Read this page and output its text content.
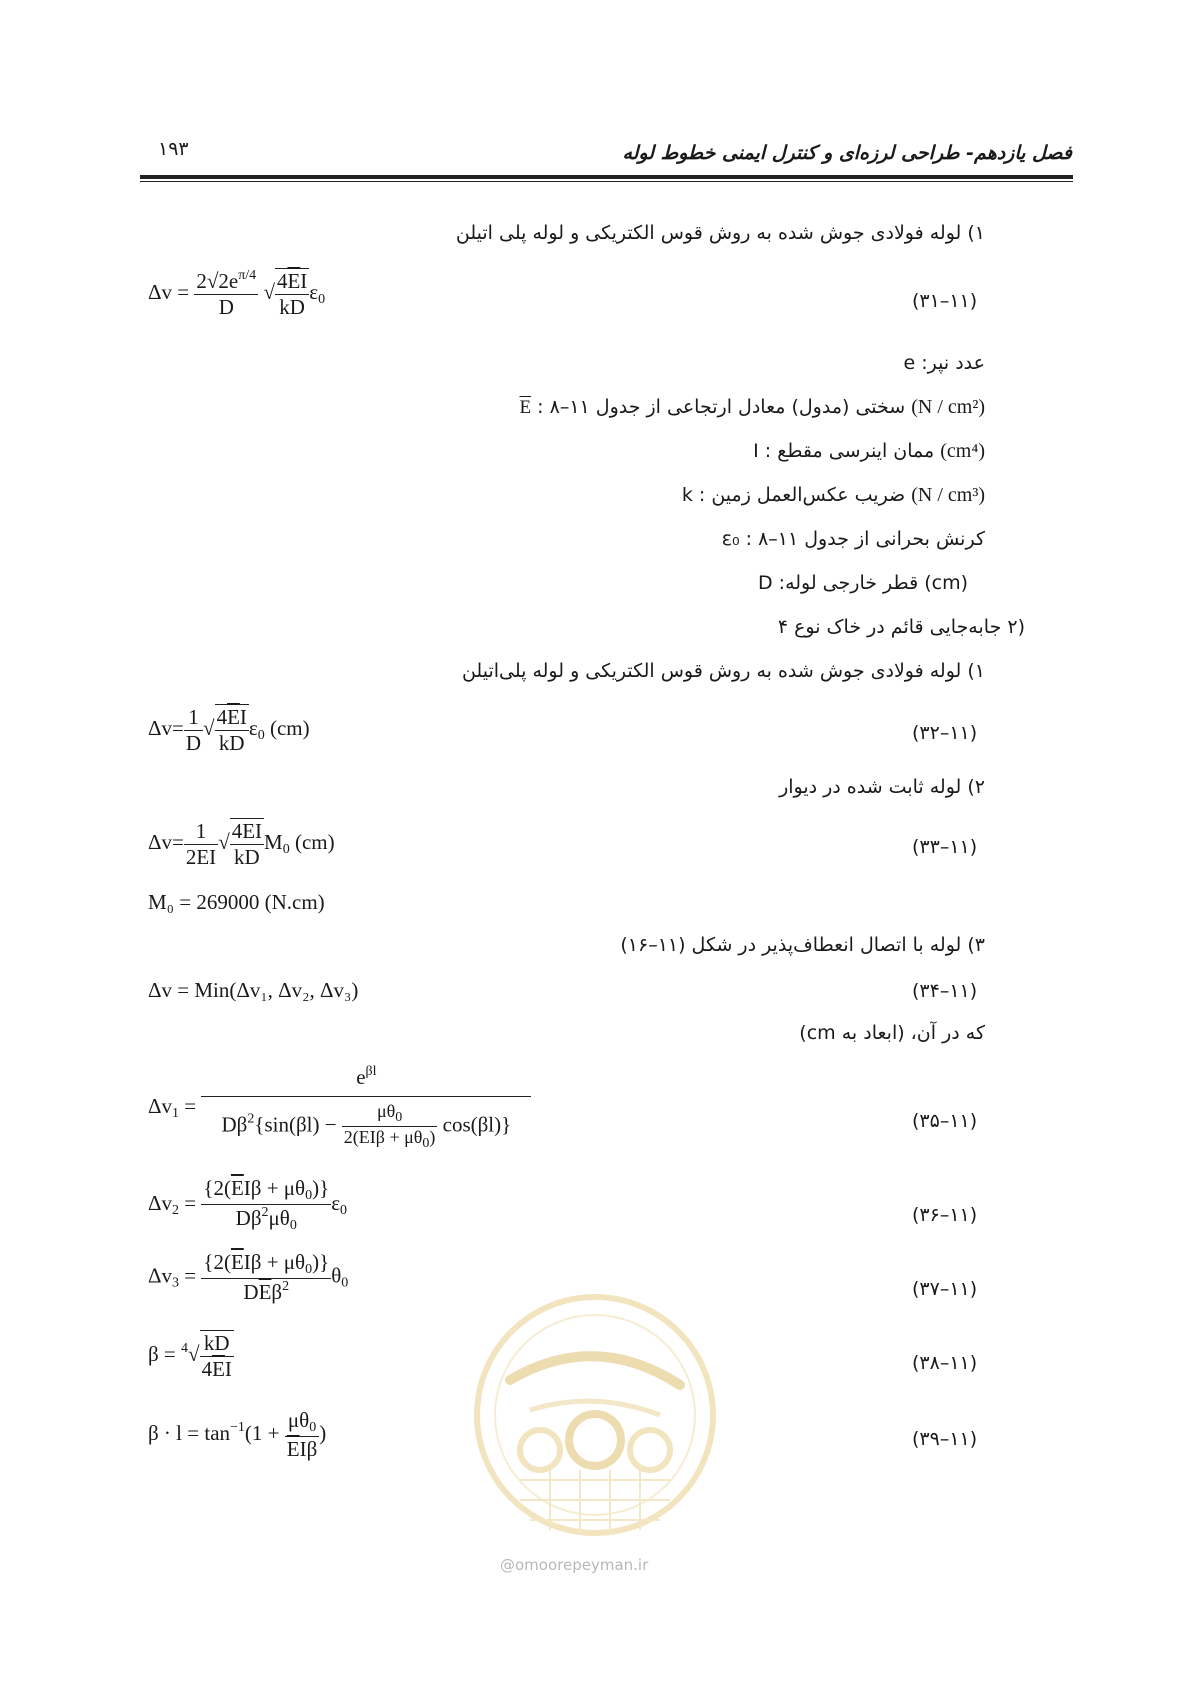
۱۹۳	فصل یازدهم- طراحی لرزه‌ای و کنترل ایمنی خطوط لوله
۱) لوله فولادی جوش شده به روش قوس الکتریکی و لوله پلی اتیلن
$\Delta v = \frac{2√2e^{\pi/4}}{D}$ √ $\frac{4\overline{E}I}{kD} \varepsilon_0$	(۳۱–۱۱)
e :عدد نپر
E : سختی (مدول) معادل ارتجاعی از جدول ۱۱–۸ (N / cm²)
I : ممان اینرسی مقطع (cm⁴)
k : ضریب عکس‌العمل زمین (N / cm³)
ε₀ : کرنش بحرانی از جدول ۱۱–۸
D :قطر خارجی لوله (cm)
(۲ جابه‌جایی قائم در خاک نوع ۴
۱) لوله فولادی جوش شده به روش قوس الکتریکی و لوله پلی‌اتیلن
$\Delta v= \frac{1}{D}$ √ $\frac{4\overline{E}I}{kD} \varepsilon_0$ (cm)	(۳۲–۱۱)
۲) لوله ثابت شده در دیوار
$\Delta v= \frac{1}{2EI}$ √ $\frac{4EI}{kD} M_0$ (cm)	(۳۳–۱۱)
M₀ = 269000 (N.cm)
۳) لوله با اتصال انعطاف‌پذیر در شکل (۱۱–۱۶)
Δv = Min(Δv₁, Δv₂, Δv₃)	(۳۴–۱۱)
که در آن، (ابعاد به cm)
$\Delta v_1 = \frac{e^{\beta l}}{D\beta^2\{\sin(\beta l) - \frac{\mu\theta_0}{2(\overline{E}I\beta + \mu\theta_0)} \cos(\beta l)\}}$	(۳۵–۱۱)
$\Delta v_2 = \frac{\{2(\overline{E}I\beta + \mu\theta_0)\}}{D\beta^2\mu\theta_0} \varepsilon_0$	(۳۶–۱۱)
$\Delta v_3 = \frac{\{2(\overline{E}I\beta + \mu\theta_0)\}}{D\overline{E}\beta^2} \theta_0$	(۳۷–۱۱)
$\beta = ^4√ \frac{kD}{4\overline{E}I}$	(۳۸–۱۱)
$\beta \cdot l = \tan^{-1}(1 + \frac{\mu\theta_0}{\overline{E}I\beta}$ )	(۳۹–۱۱)
@omoorepeyman.ir
